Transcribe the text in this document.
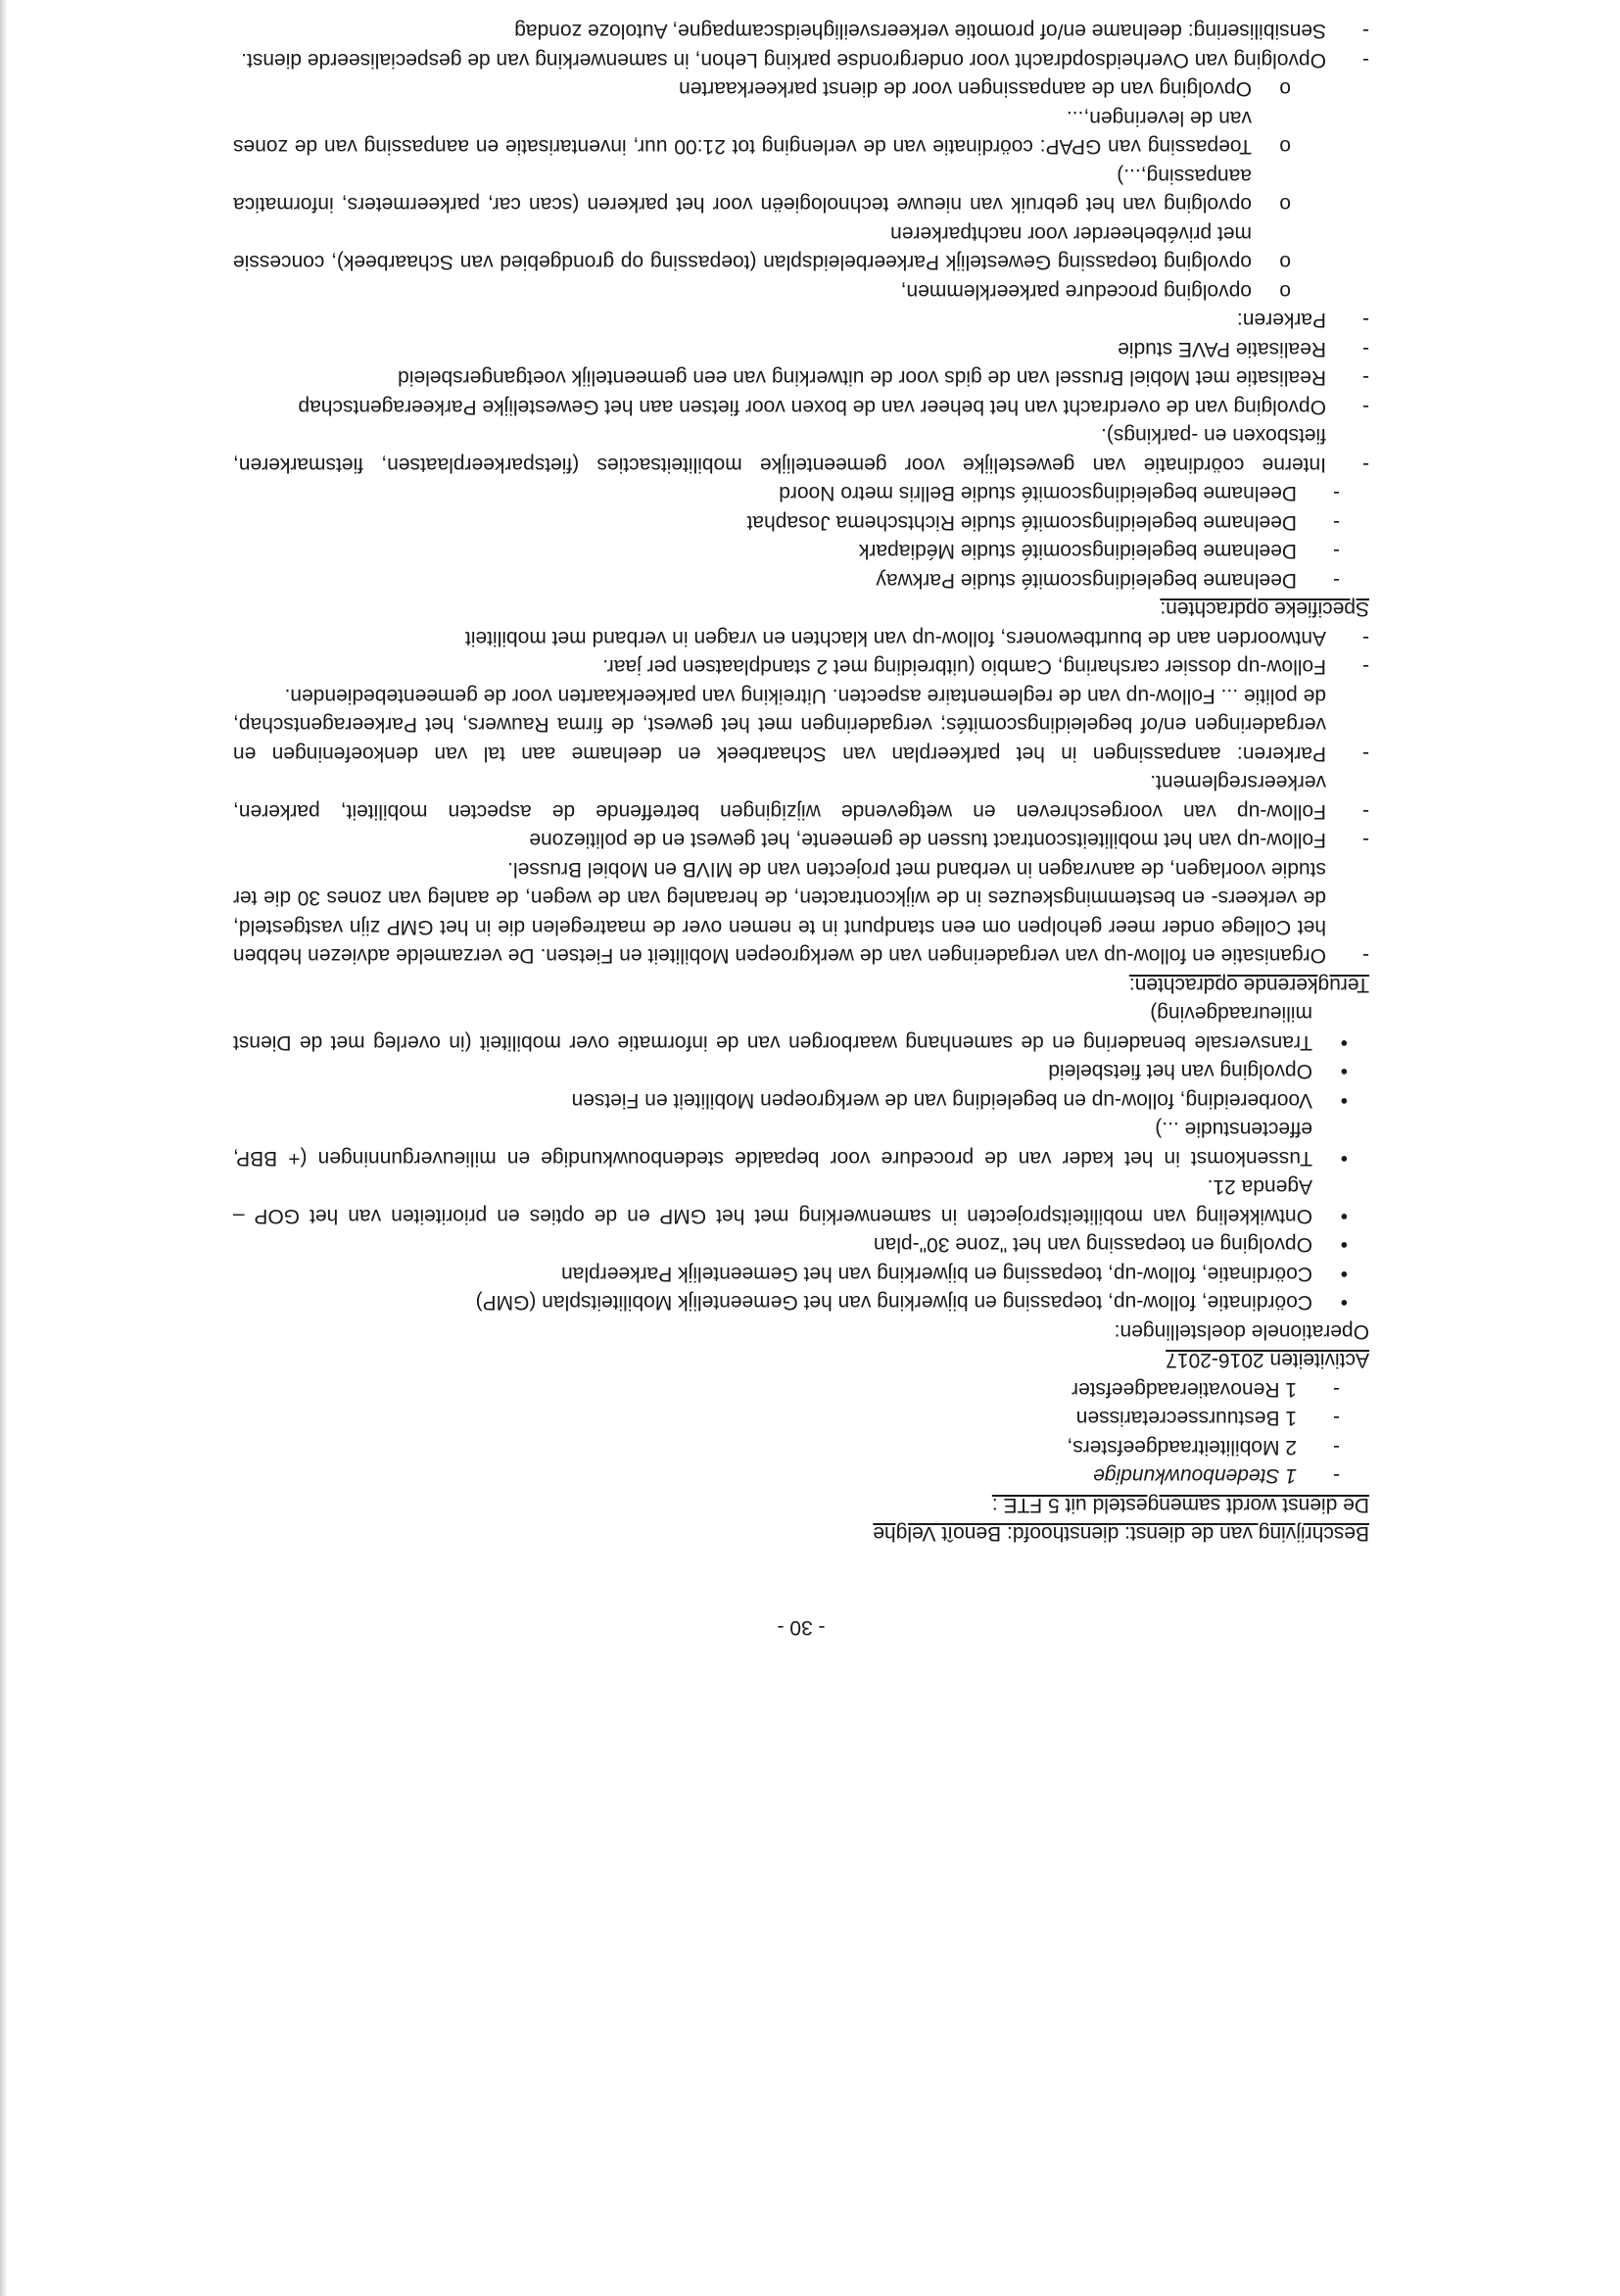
- 30 -

Beschrijving van de dienst: diensthoofd: Benoît Velghe

De dienst wordt samengesteld uit 5 FTE :

-
1 Stedenbouwkundige
-
2 Mobiliteitraadgeefsters,
-
1 Bestuurssecretarissen
-
1 Renovatieraadgeefster

Activiteiten 2016-2017

Operationele doelstellingen:

•
Coördinatie, follow-up, toepassing en bijwerking van het Gemeentelijk Mobiliteitsplan (GMP)
•
Coördinatie, follow-up, toepassing en bijwerking van het Gemeentelijk Parkeerplan
•
Opvolging en toepassing van het "zone 30"-plan
•
Ontwikkeling van mobiliteitsprojecten in samenwerking met het GMP en de opties en prioriteiten van het GOP – Agenda 21.
•
Tussenkomst in het kader van de procedure voor bepaalde stedenbouwkundige en milieuvergunningen (+ BBP, effectenstudie ...)
•
Voorbereiding, follow-up en begeleiding van de werkgroepen Mobiliteit en Fietsen
•
Opvolging van het fietsbeleid
•
Transversale benadering en de samenhang waarborgen van de informatie over mobiliteit (in overleg met de Dienst milieuraadgeving)

Terugkerende opdrachten:

-
Organisatie en follow-up van vergaderingen van de werkgroepen Mobiliteit en Fietsen. De verzamelde adviezen hebben het College onder meer geholpen om een standpunt in te nemen over de maatregelen die in het GMP zijn vastgesteld, de verkeers- en bestemmingskeuzes in de wijkcontracten, de heraanleg van de wegen, de aanleg van zones 30 die ter studie voorlagen, de aanvragen in verband met projecten van de MIVB en Mobiel Brussel.
-
Follow-up van het mobiliteitscontract tussen de gemeente, het gewest en de politiezone
-
Follow-up van voorgeschreven en wetgevende wijzigingen betreffende de aspecten mobiliteit, parkeren, verkeersreglement.
-
Parkeren: aanpassingen in het parkeerplan van Schaarbeek en deelname aan tal van denkoefeningen en vergaderingen en/of begeleidingscomités; vergaderingen met het gewest, de firma Rauwers, het Parkeeragentschap, de politie ... Follow-up van de reglementaire aspecten. Uitreiking van parkeerkaarten voor de gemeentebedienden.
-
Follow-up dossier carsharing, Cambio (uitbreiding met 2 standplaatsen per jaar.
-
Antwoorden aan de buurtbewoners, follow-up van klachten en vragen in verband met mobiliteit

Specifieke opdrachten:

-
Deelname begeleidingscomité studie Parkway
-
Deelname begeleidingscomité studie Médiapark
-
Deelname begeleidingscomité studie Richtschema Josaphat
-
Deelname begeleidingscomité studie Bellris metro Noord
-
Interne coördinatie van gewestelijke voor gemeentelijke mobiliteitsacties (fietsparkeerplaatsen, fietsmarkeren, fietsboxen en -parkings).
-
Opvolging van de overdracht van het beheer van de boxen voor fietsen aan het Gewestelijke Parkeeragentschap
-
Realisatie met Mobiel Brussel van de gids voor de uitwerking van een gemeentelijk voetgangersbeleid
-
Realisatie PAVE studie
-
Parkeren:
o
opvolging procedure parkeerklemmen,
o
opvolging toepassing Gewestelijk Parkeerbeleidsplan (toepassing op grondgebied van Schaarbeek), concessie met privébeheerder voor nachtparkeren
o
opvolging van het gebruik van nieuwe technologieën voor het parkeren (scan car, parkeermeters, informatica aanpassing,...)
o
Toepassing van GPAP: coördinatie van de verlenging tot 21:00 uur, inventarisatie en aanpassing van de zones van de leveringen,...
o
Opvolging van de aanpassingen voor de dienst parkeerkaarten
-
Opvolging van Overheidsopdracht voor ondergrondse parking Lehon, in samenwerking van de gespecialiseerde dienst.
-
Sensibilisering: deelname en/of promotie verkeersveiligheidscampagne, Autoloze zondag
